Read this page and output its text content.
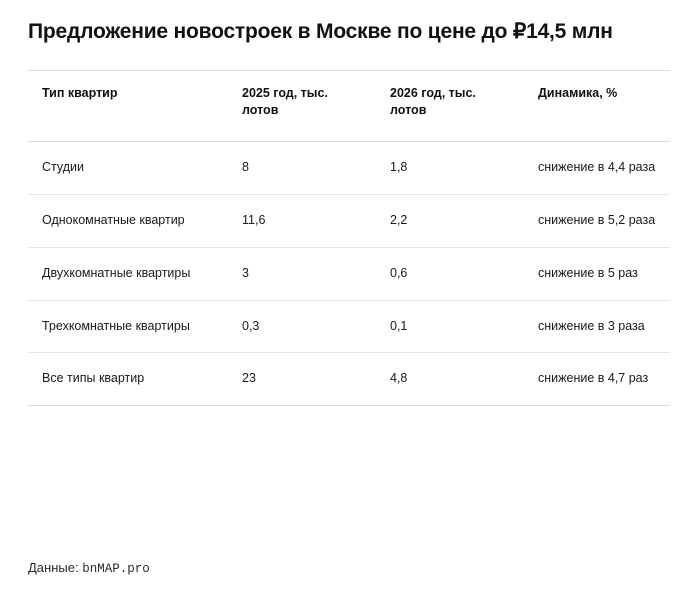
Предложение новостроек в Москве по цене до ₽14,5 млн
Тип квартир	2025 год, тыс. лотов	2026 год, тыс. лотов	Динамика, %
Студии	8	1,8	снижение в 4,4 раза
Однокомнатные квартир	11,6	2,2	снижение в 5,2 раза
Двухкомнатные квартиры	3	0,6	снижение в 5 раз
Трехкомнатные квартиры	0,3	0,1	снижение в 3 раза
Все типы квартир	23	4,8	снижение в 4,7 раз
Данные: bnMAP.pro
